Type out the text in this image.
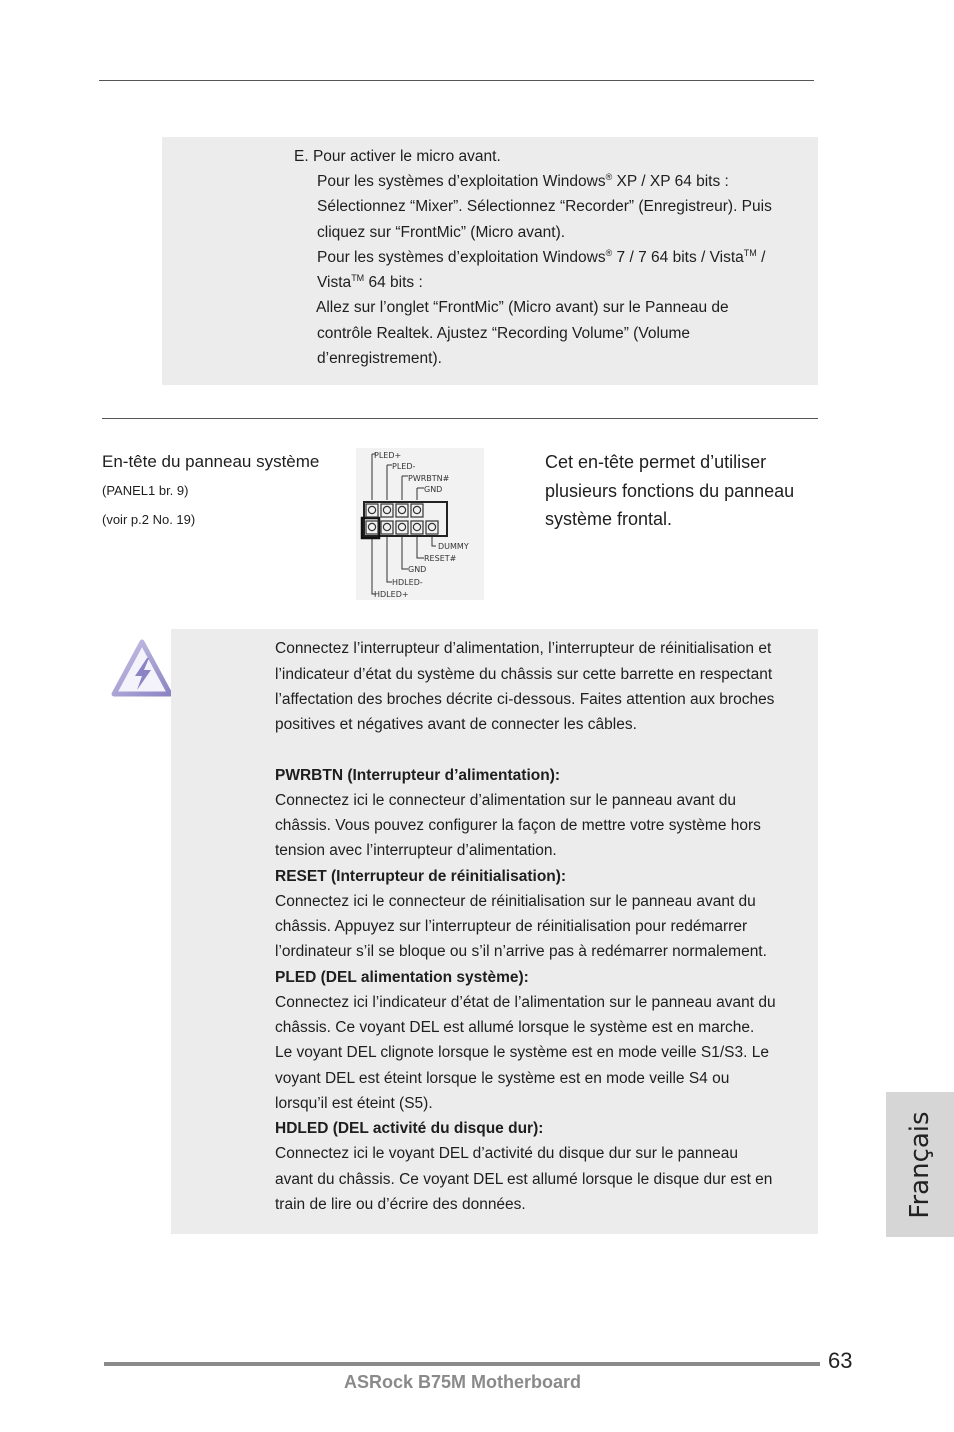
E. Pour activer le micro avant.
Pour les systèmes d’exploitation Windows® XP / XP 64 bits :
Sélectionnez “Mixer”. Sélectionnez “Recorder” (Enregistreur). Puis
cliquez sur “FrontMic” (Micro avant).
Pour les systèmes d’exploitation Windows® 7 / 7 64 bits / Vista™ /
Vista™ 64 bits :
Allez sur l’onglet “FrontMic” (Micro avant) sur le Panneau de
contrôle Realtek. Ajustez “Recording Volume” (Volume
d’enregistrement).
En-tête du panneau système
(PANEL1 br. 9)
(voir p.2 No. 19)
Cet en-tête permet d’utiliser
plusieurs fonctions du panneau
système frontal.
PLED+
PLED-
PWRBTN#
GND
DUMMY
RESET#
GND
HDLED-
HDLED+
Connectez l’interrupteur d’alimentation, l’interrupteur de réinitialisation et
l’indicateur d’état du système du châssis sur cette barrette en respectant
l’affectation des broches décrite ci-dessous. Faites attention aux broches
positives et négatives avant de connecter les câbles.
PWRBTN (Interrupteur d’alimentation):
Connectez ici le connecteur d’alimentation sur le panneau avant du
châssis. Vous pouvez configurer la façon de mettre votre système hors
tension avec l’interrupteur d’alimentation.
RESET (Interrupteur de réinitialisation):
Connectez ici le connecteur de réinitialisation sur le panneau avant du
châssis. Appuyez sur l’interrupteur de réinitialisation pour redémarrer
l’ordinateur s’il se bloque ou s’il n’arrive pas à redémarrer normalement.
PLED (DEL alimentation système):
Connectez ici l’indicateur d’état de l’alimentation sur le panneau avant du
châssis. Ce voyant DEL est allumé lorsque le système est en marche.
Le voyant DEL clignote lorsque le système est en mode veille S1/S3. Le
voyant DEL est éteint lorsque le système est en mode veille S4 ou
lorsqu’il est éteint (S5).
HDLED (DEL activité du disque dur):
Connectez ici le voyant DEL d’activité du disque dur sur le panneau
avant du châssis. Ce voyant DEL est allumé lorsque le disque dur est en
train de lire ou d’écrire des données.	Français
63
ASRock B75M Motherboard
